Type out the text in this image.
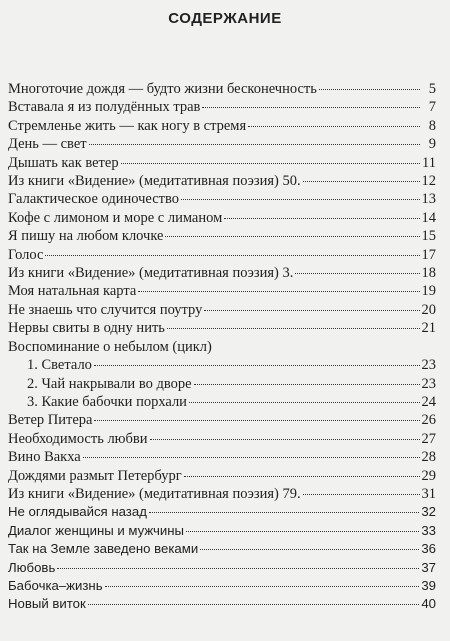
СОДЕРЖАНИЕ
Многоточие дождя — будто жизни бесконечность	5
Вставала я из полудённых трав	7
Стремленье жить — как ногу в стремя	8
День — свет	9
Дышать как ветер	11
Из книги «Видение» (медитативная поэзия) 50.	12
Галактическое одиночество	13
Кофе с лимоном и море с лиманом	14
Я пишу на любом клочке	15
Голос	17
Из книги «Видение» (медитативная поэзия) 3.	18
Моя натальная карта	19
Не знаешь что случится поутру	20
Нервы свиты в одну нить	21
Воспоминание о небылом (цикл)
1. Светало	23
2. Чай накрывали во дворе	23
3. Какие бабочки порхали	24
Ветер Питера	26
Необходимость любви	27
Вино Вакха	28
Дождями размыт Петербург	29
Из книги «Видение» (медитативная поэзия) 79.	31
Не оглядывайся назад	32
Диалог женщины и мужчины	33
Так на Земле заведено веками	36
Любовь	37
Бабочка–жизнь	39
Новый виток	40
